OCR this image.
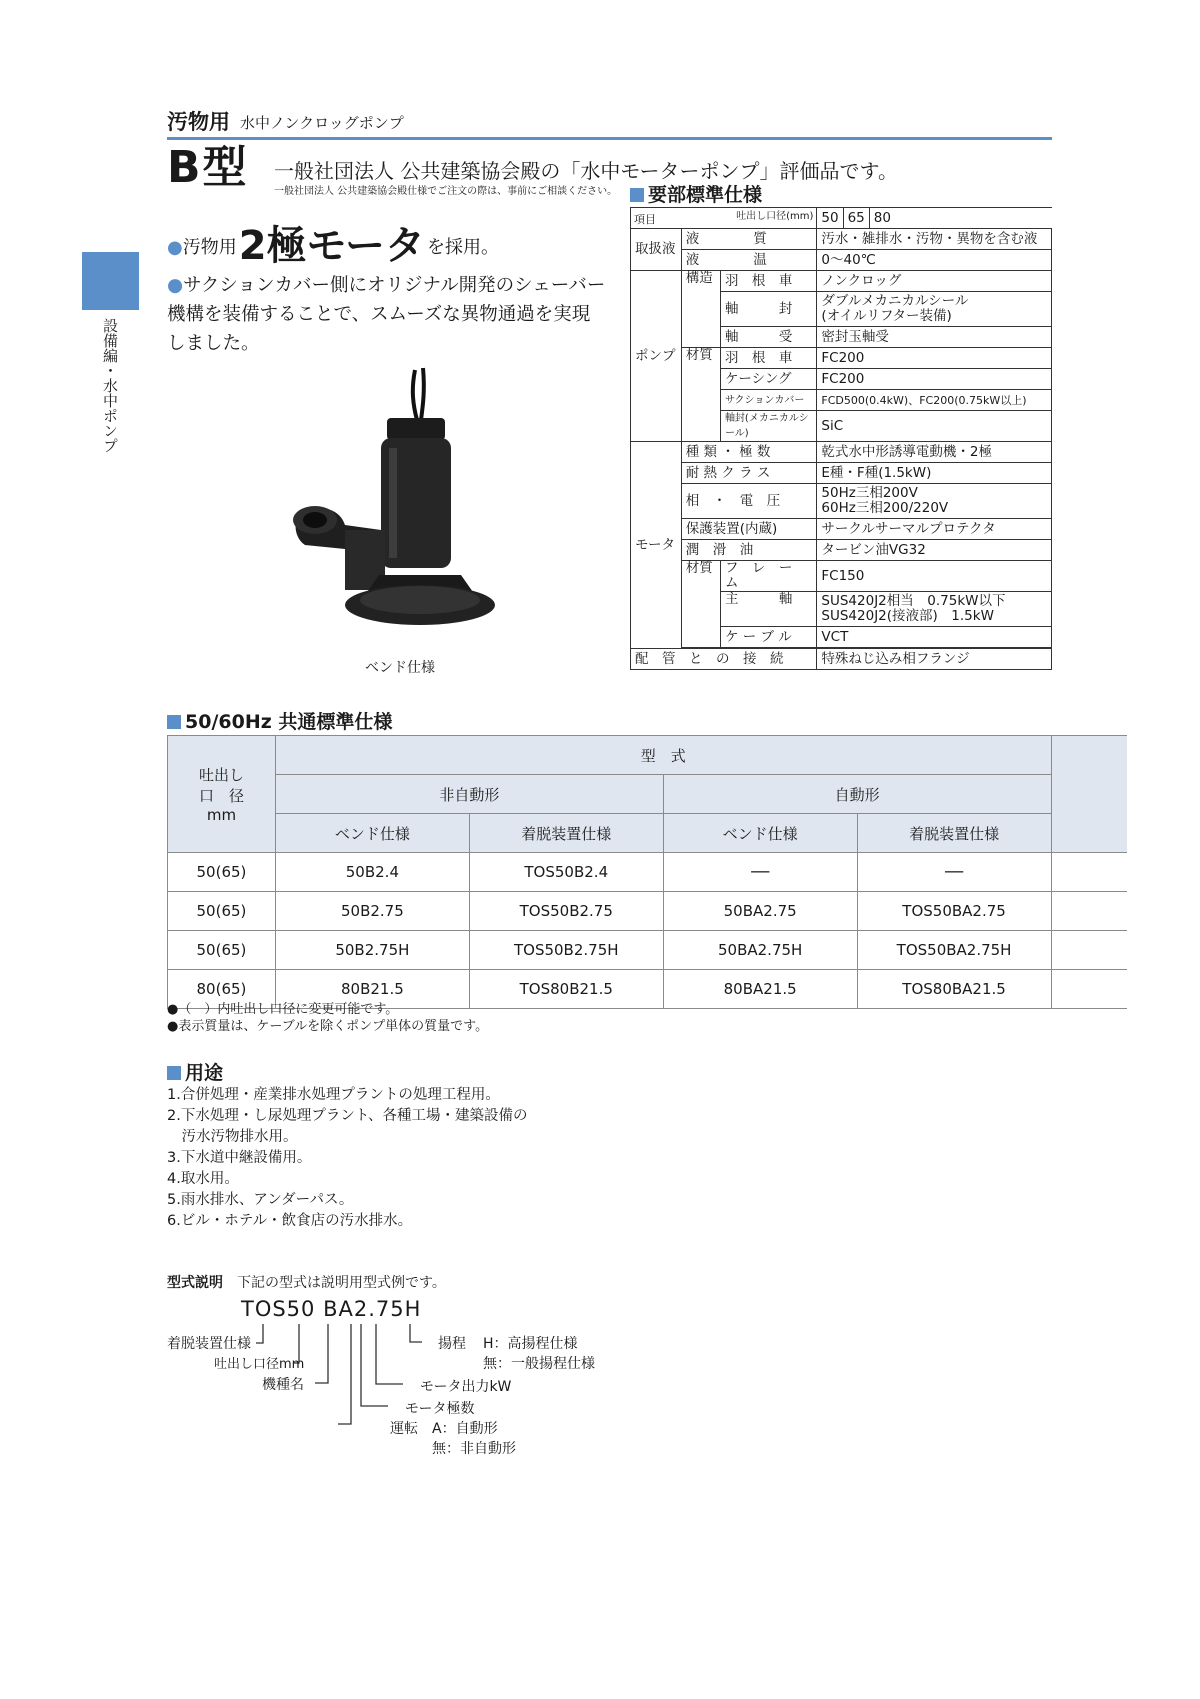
汚物用 水中ノンクロッグポンプ
B型 一般社団法人 公共建築協会殿の「水中モーターポンプ」評価品です。
一般社団法人 公共建築協会殿仕様でご注文の際は、事前にご相談ください。
設備編・水中ポンプ
●汚物用2極モータ を採用。
●サクションカバー側にオリジナル開発のシェーバー機構を装備することで、スムーズな異物通過を実現しました。
ベンド仕様
要部標準仕様
項目 吐出し口径(mm)			50	65	80
取扱液	液　　　　質		汚水・雑排水・汚物・異物を含む液		
	液　　　　温		0～40℃		
ポンプ	構造	羽　根　車	ノンクロッグ		
		軸　　　封	ダブルメカニカルシール
(オイルリフター装備)		
		軸　　　受	密封玉軸受		
	材質	羽　根　車	FC200		
		ケーシング	FC200		
		サクションカバー	FCD500(0.4kW)、FC200(0.75kW以上)		
		軸封(メカニカルシール)	SiC		
モータ	種 類 ・ 極 数		乾式水中形誘導電動機・2極		
	耐 熱 ク ラ ス		E種・F種(1.5kW)		
	相　・　電　圧		50Hz三相200V
60Hz三相200/220V		
	保護装置(内蔵)		サークルサーマルプロテクタ		
	潤　滑　油		タービン油VG32		
	材質	フ　レ　ー　ム	FC150		
		主　　　軸	SUS420J2相当　0.75kW以下
SUS420J2(接液部)　1.5kW		
		ケ ー ブ ル	VCT		

配　管　と　の　接　続			特殊ねじ込み相フランジ		
50/60Hz 共通標準仕様
吐出し
口　径
mm	型　式				
	非自動形		自動形		
	ベンド仕様	着脱装置仕様	ベンド仕様	着脱装置仕様	
50(65)	50B2.4	TOS50B2.4	──	──	
50(65)	50B2.75	TOS50B2.75	50BA2.75	TOS50BA2.75	
50(65)	50B2.75H	TOS50B2.75H	50BA2.75H	TOS50BA2.75H	
80(65)	80B21.5	TOS80B21.5	80BA21.5	TOS80BA21.5	
●（　）内吐出し口径に変更可能です。
●表示質量は、ケーブルを除くポンプ単体の質量です。
用途
1.合併処理・産業排水処理プラントの処理工程用。
2.下水処理・し尿処理プラント、各種工場・建築設備の
　汚水汚物排水用。
3.下水道中継設備用。
4.取水用。
5.雨水排水、アンダーパス。
6.ビル・ホテル・飲食店の汚水排水。
型式説明　 下記の型式は説明用型式例です。
TOS50 BA2.75H
着脱装置仕様
吐出し口径mm
機種名
揚程 H：高揚程仕様
無：一般揚程仕様
モータ出力kW
モータ極数
運転 A：自動形
無：非自動形
